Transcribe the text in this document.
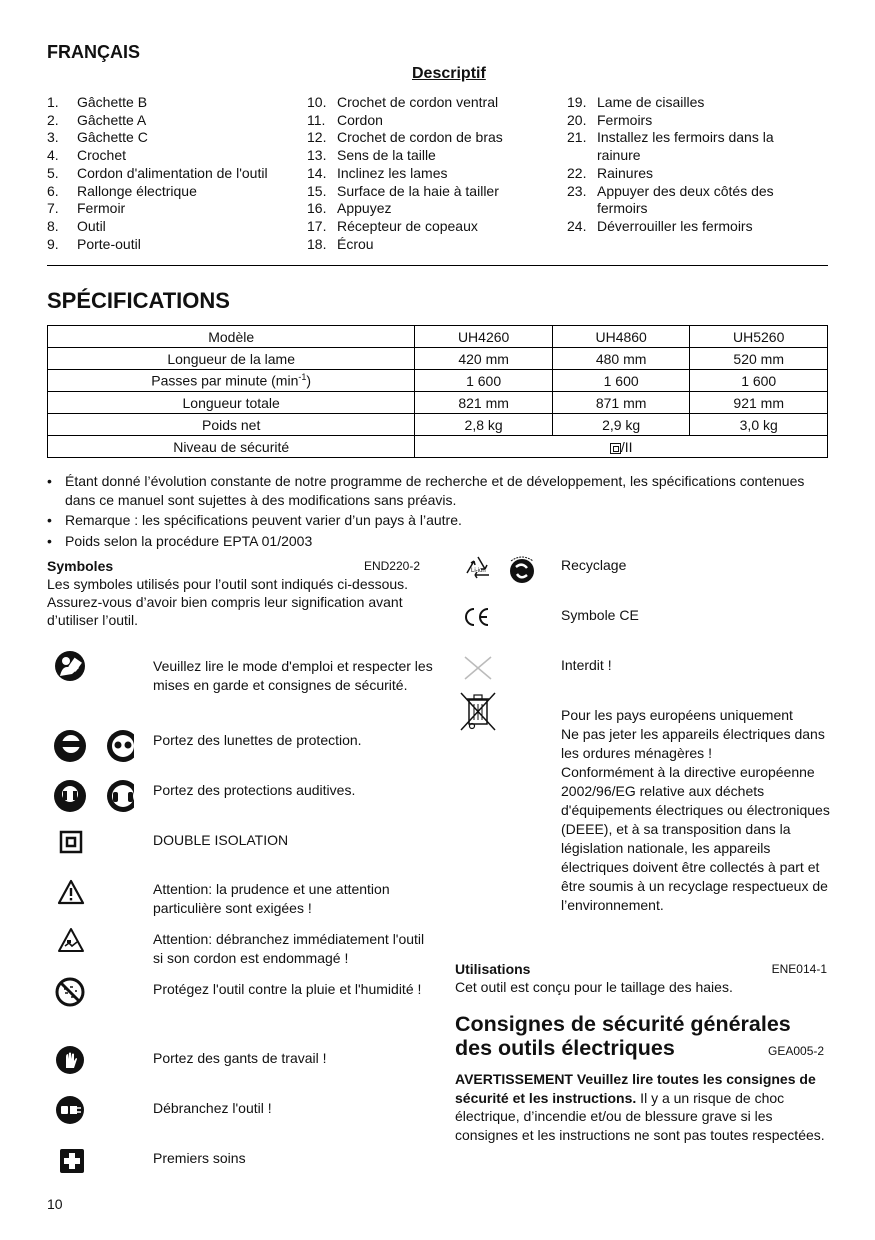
FRANÇAIS
Descriptif
1.	Gâchette B
2.	Gâchette A
3.	Gâchette C
4.	Crochet
5.	Cordon d'alimentation de l'outil
6.	Rallonge électrique
7.	Fermoir
8.	Outil
9.	Porte-outil
10. Crochet de cordon ventral
11. Cordon
12. Crochet de cordon de bras
13. Sens de la taille
14. Inclinez les lames
15. Surface de la haie à tailler
16. Appuyez
17. Récepteur de copeaux
18. Écrou
19. Lame de cisailles
20. Fermoirs
21. Installez les fermoirs dans la rainure
22. Rainures
23. Appuyer des deux côtés des fermoirs
24. Déverrouiller les fermoirs
SPÉCIFICATIONS
Modèle	UH4260	UH4860	UH5260
Longueur de la lame	420 mm	480 mm	520 mm
Passes par minute $(\min^{-1})$	1 600	1 600	1 600
Longueur totale	821 mm	871 mm	921 mm
Poids net	2,8 kg	2,9 kg	3,0 kg
Niveau de sécurité	/II		
• Étant donné l’évolution constante de notre programme de recherche et de développement, les spécifications contenues dans ce manuel sont sujettes à des modifications sans préavis.
• Remarque : les spécifications peuvent varier d’un pays à l’autre.
• Poids selon la procédure EPTA 01/2003
Symboles	END220-2
Les symboles utilisés pour l’outil sont indiqués ci-dessous. Assurez-vous d’avoir bien compris leur signification avant d’utiliser l’outil.
Veuillez lire le mode d'emploi et respecter les mises en garde et consignes de sécurité.
Portez des lunettes de protection.
Portez des protections auditives.
DOUBLE ISOLATION
Attention: la prudence et une attention particulière sont exigées !
Attention: débranchez immédiatement l'outil si son cordon est endommagé !
Protégez l'outil contre la pluie et l'humidité !
Portez des gants de travail !
Débranchez l'outil !
Premiers soins
Li-ion	Recyclage
Symbole CE
Interdit !
Pour les pays européens uniquement
Ne pas jeter les appareils électriques dans les ordures ménagères !
Conformément à la directive européenne 2002/96/EG relative aux déchets d'équipements électriques ou électroniques (DEEE), et à sa transposition dans la législation nationale, les appareils électriques doivent être collectés à part et être soumis à un recyclage respectueux de l’environnement.
Utilisations	ENE014-1
Cet outil est conçu pour le taillage des haies.
Consignes de sécurité générales des outils électriques	GEA005-2
AVERTISSEMENT Veuillez lire toutes les consignes de sécurité et les instructions. Il y a un risque de choc électrique, d’incendie et/ou de blessure grave si les consignes et les instructions ne sont pas toutes respectées.
10
